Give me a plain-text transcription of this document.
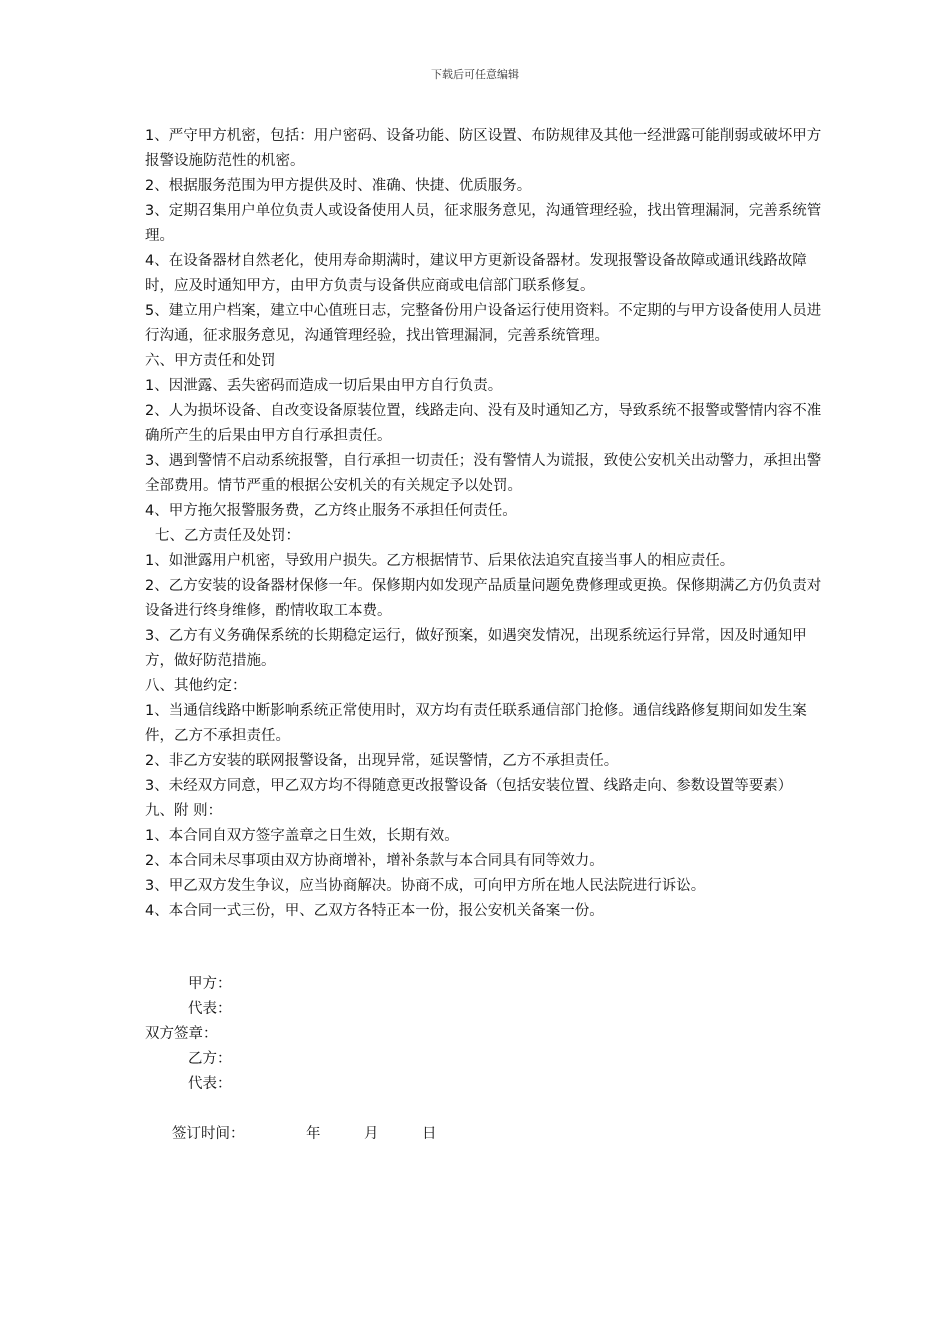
下载后可任意编辑

1、严守甲方机密，包括：用户密码、设备功能、防区设置、布防规律及其他一经泄露可能削弱或破坏甲方报警设施防范性的机密。

2、根据服务范围为甲方提供及时、准确、快捷、优质服务。

3、定期召集用户单位负责人或设备使用人员，征求服务意见，沟通管理经验，找出管理漏洞，完善系统管理。

4、在设备器材自然老化，使用寿命期满时，建议甲方更新设备器材。发现报警设备故障或通讯线路故障时，应及时通知甲方，由甲方负责与设备供应商或电信部门联系修复。

5、建立用户档案，建立中心值班日志，完整备份用户设备运行使用资料。不定期的与甲方设备使用人员进行沟通，征求服务意见，沟通管理经验，找出管理漏洞，完善系统管理。

六、甲方责任和处罚

1、因泄露、丢失密码而造成一切后果由甲方自行负责。

2、人为损坏设备、自改变设备原装位置，线路走向、没有及时通知乙方，导致系统不报警或警情内容不准确所产生的后果由甲方自行承担责任。

3、遇到警情不启动系统报警，自行承担一切责任；没有警情人为谎报，致使公安机关出动警力，承担出警全部费用。情节严重的根据公安机关的有关规定予以处罚。

4、甲方拖欠报警服务费，乙方终止服务不承担任何责任。

七、乙方责任及处罚：

1、如泄露用户机密，导致用户损失。乙方根据情节、后果依法追究直接当事人的相应责任。

2、乙方安装的设备器材保修一年。保修期内如发现产品质量问题免费修理或更换。保修期满乙方仍负责对设备进行终身维修，酌情收取工本费。

3、乙方有义务确保系统的长期稳定运行，做好预案，如遇突发情况，出现系统运行异常，因及时通知甲方，做好防范措施。

八、其他约定：

1、当通信线路中断影响系统正常使用时，双方均有责任联系通信部门抢修。通信线路修复期间如发生案件，乙方不承担责任。

2、非乙方安装的联网报警设备，出现异常，延误警情，乙方不承担责任。

3、未经双方同意，甲乙双方均不得随意更改报警设备（包括安装位置、线路走向、参数设置等要素）

九、附 则：

1、本合同自双方签字盖章之日生效，长期有效。

2、本合同未尽事项由双方协商增补，增补条款与本合同具有同等效力。

3、甲乙双方发生争议，应当协商解决。协商不成，可向甲方所在地人民法院进行诉讼。

4、本合同一式三份，甲、乙双方各特正本一份，报公安机关备案一份。

甲方：

代表：

双方签章：

乙方：

代表：

签订时间：	年	月	日
